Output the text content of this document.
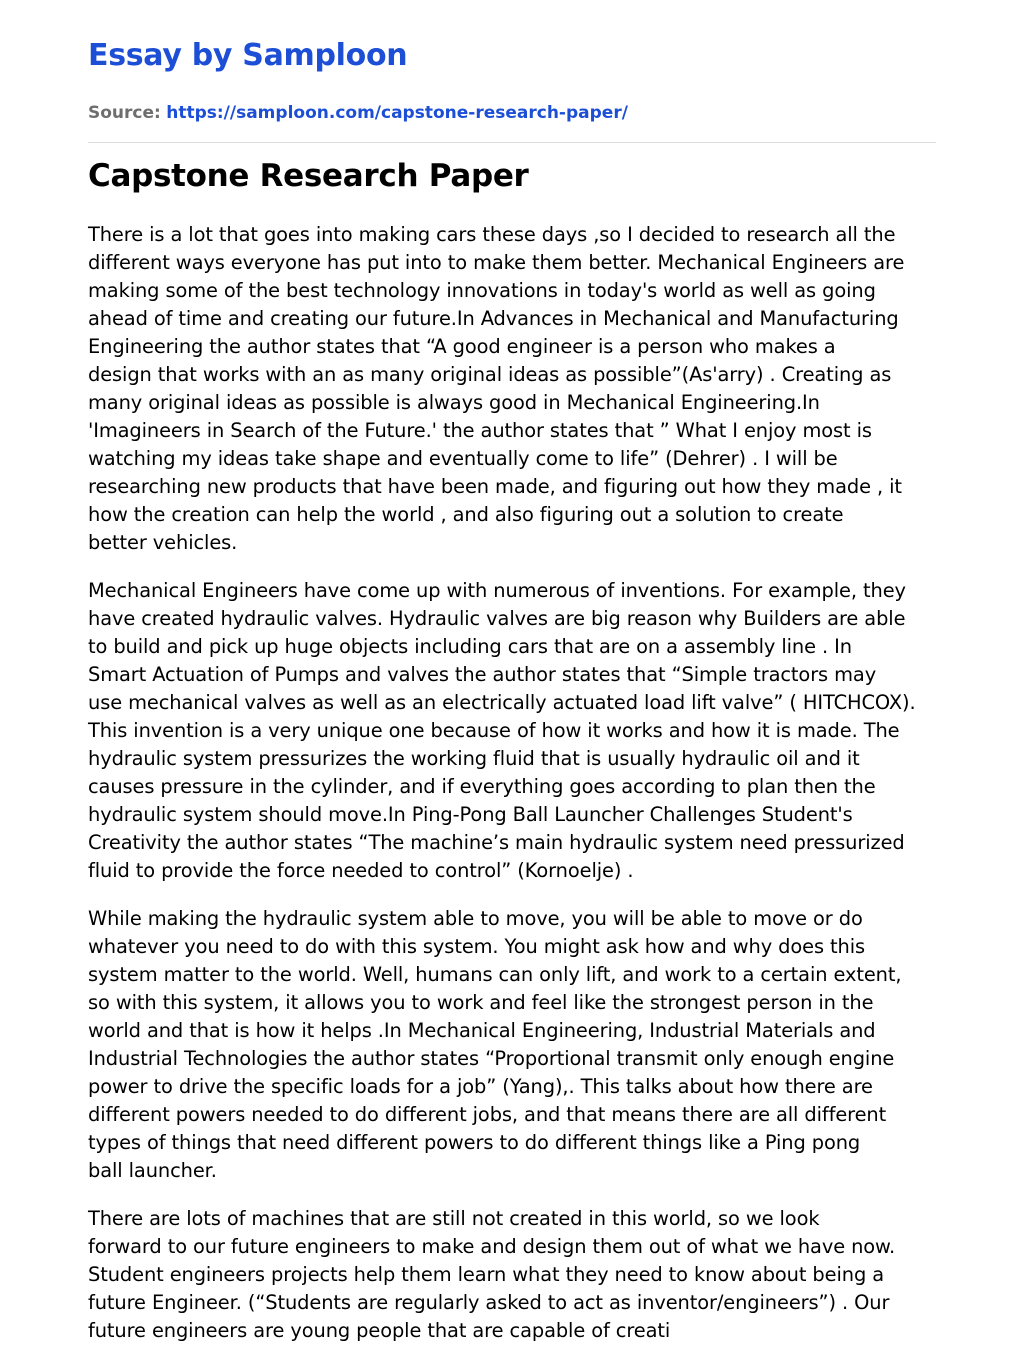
Essay by Samploon
Source: https://samploon.com/capstone-research-paper/
Capstone Research Paper

There is a lot that goes into making cars these days ,so I decided to research all the
different ways everyone has put into to make them better. Mechanical Engineers are
making some of the best technology innovations in today's world as well as going
ahead of time and creating our future.In Advances in Mechanical and Manufacturing
Engineering the author states that “A good engineer is a person who makes a
design that works with an as many original ideas as possible”(As'arry) . Creating as
many original ideas as possible is always good in Mechanical Engineering.In
'Imagineers in Search of the Future.' the author states that ” What I enjoy most is
watching my ideas take shape and eventually come to life” (Dehrer) . I will be
researching new products that have been made, and figuring out how they made , it
how the creation can help the world , and also figuring out a solution to create
better vehicles.

Mechanical Engineers have come up with numerous of inventions. For example, they
have created hydraulic valves. Hydraulic valves are big reason why Builders are able
to build and pick up huge objects including cars that are on a assembly line . In
Smart Actuation of Pumps and valves the author states that “Simple tractors may
use mechanical valves as well as an electrically actuated load lift valve” ( HITCHCOX).
This invention is a very unique one because of how it works and how it is made. The
hydraulic system pressurizes the working fluid that is usually hydraulic oil and it
causes pressure in the cylinder, and if everything goes according to plan then the
hydraulic system should move.In Ping-Pong Ball Launcher Challenges Student's
Creativity the author states “The machine’s main hydraulic system need pressurized
fluid to provide the force needed to control” (Kornoelje) .

While making the hydraulic system able to move, you will be able to move or do
whatever you need to do with this system. You might ask how and why does this
system matter to the world. Well, humans can only lift, and work to a certain extent,
so with this system, it allows you to work and feel like the strongest person in the
world and that is how it helps .In Mechanical Engineering, Industrial Materials and
Industrial Technologies the author states “Proportional transmit only enough engine
power to drive the specific loads for a job” (Yang),. This talks about how there are
different powers needed to do different jobs, and that means there are all different
types of things that need different powers to do different things like a Ping pong
ball launcher.

There are lots of machines that are still not created in this world, so we look
forward to our future engineers to make and design them out of what we have now.
Student engineers projects help them learn what they need to know about being a
future Engineer. (“Students are regularly asked to act as inventor/engineers”) . Our
future engineers are young people that are capable of creati
